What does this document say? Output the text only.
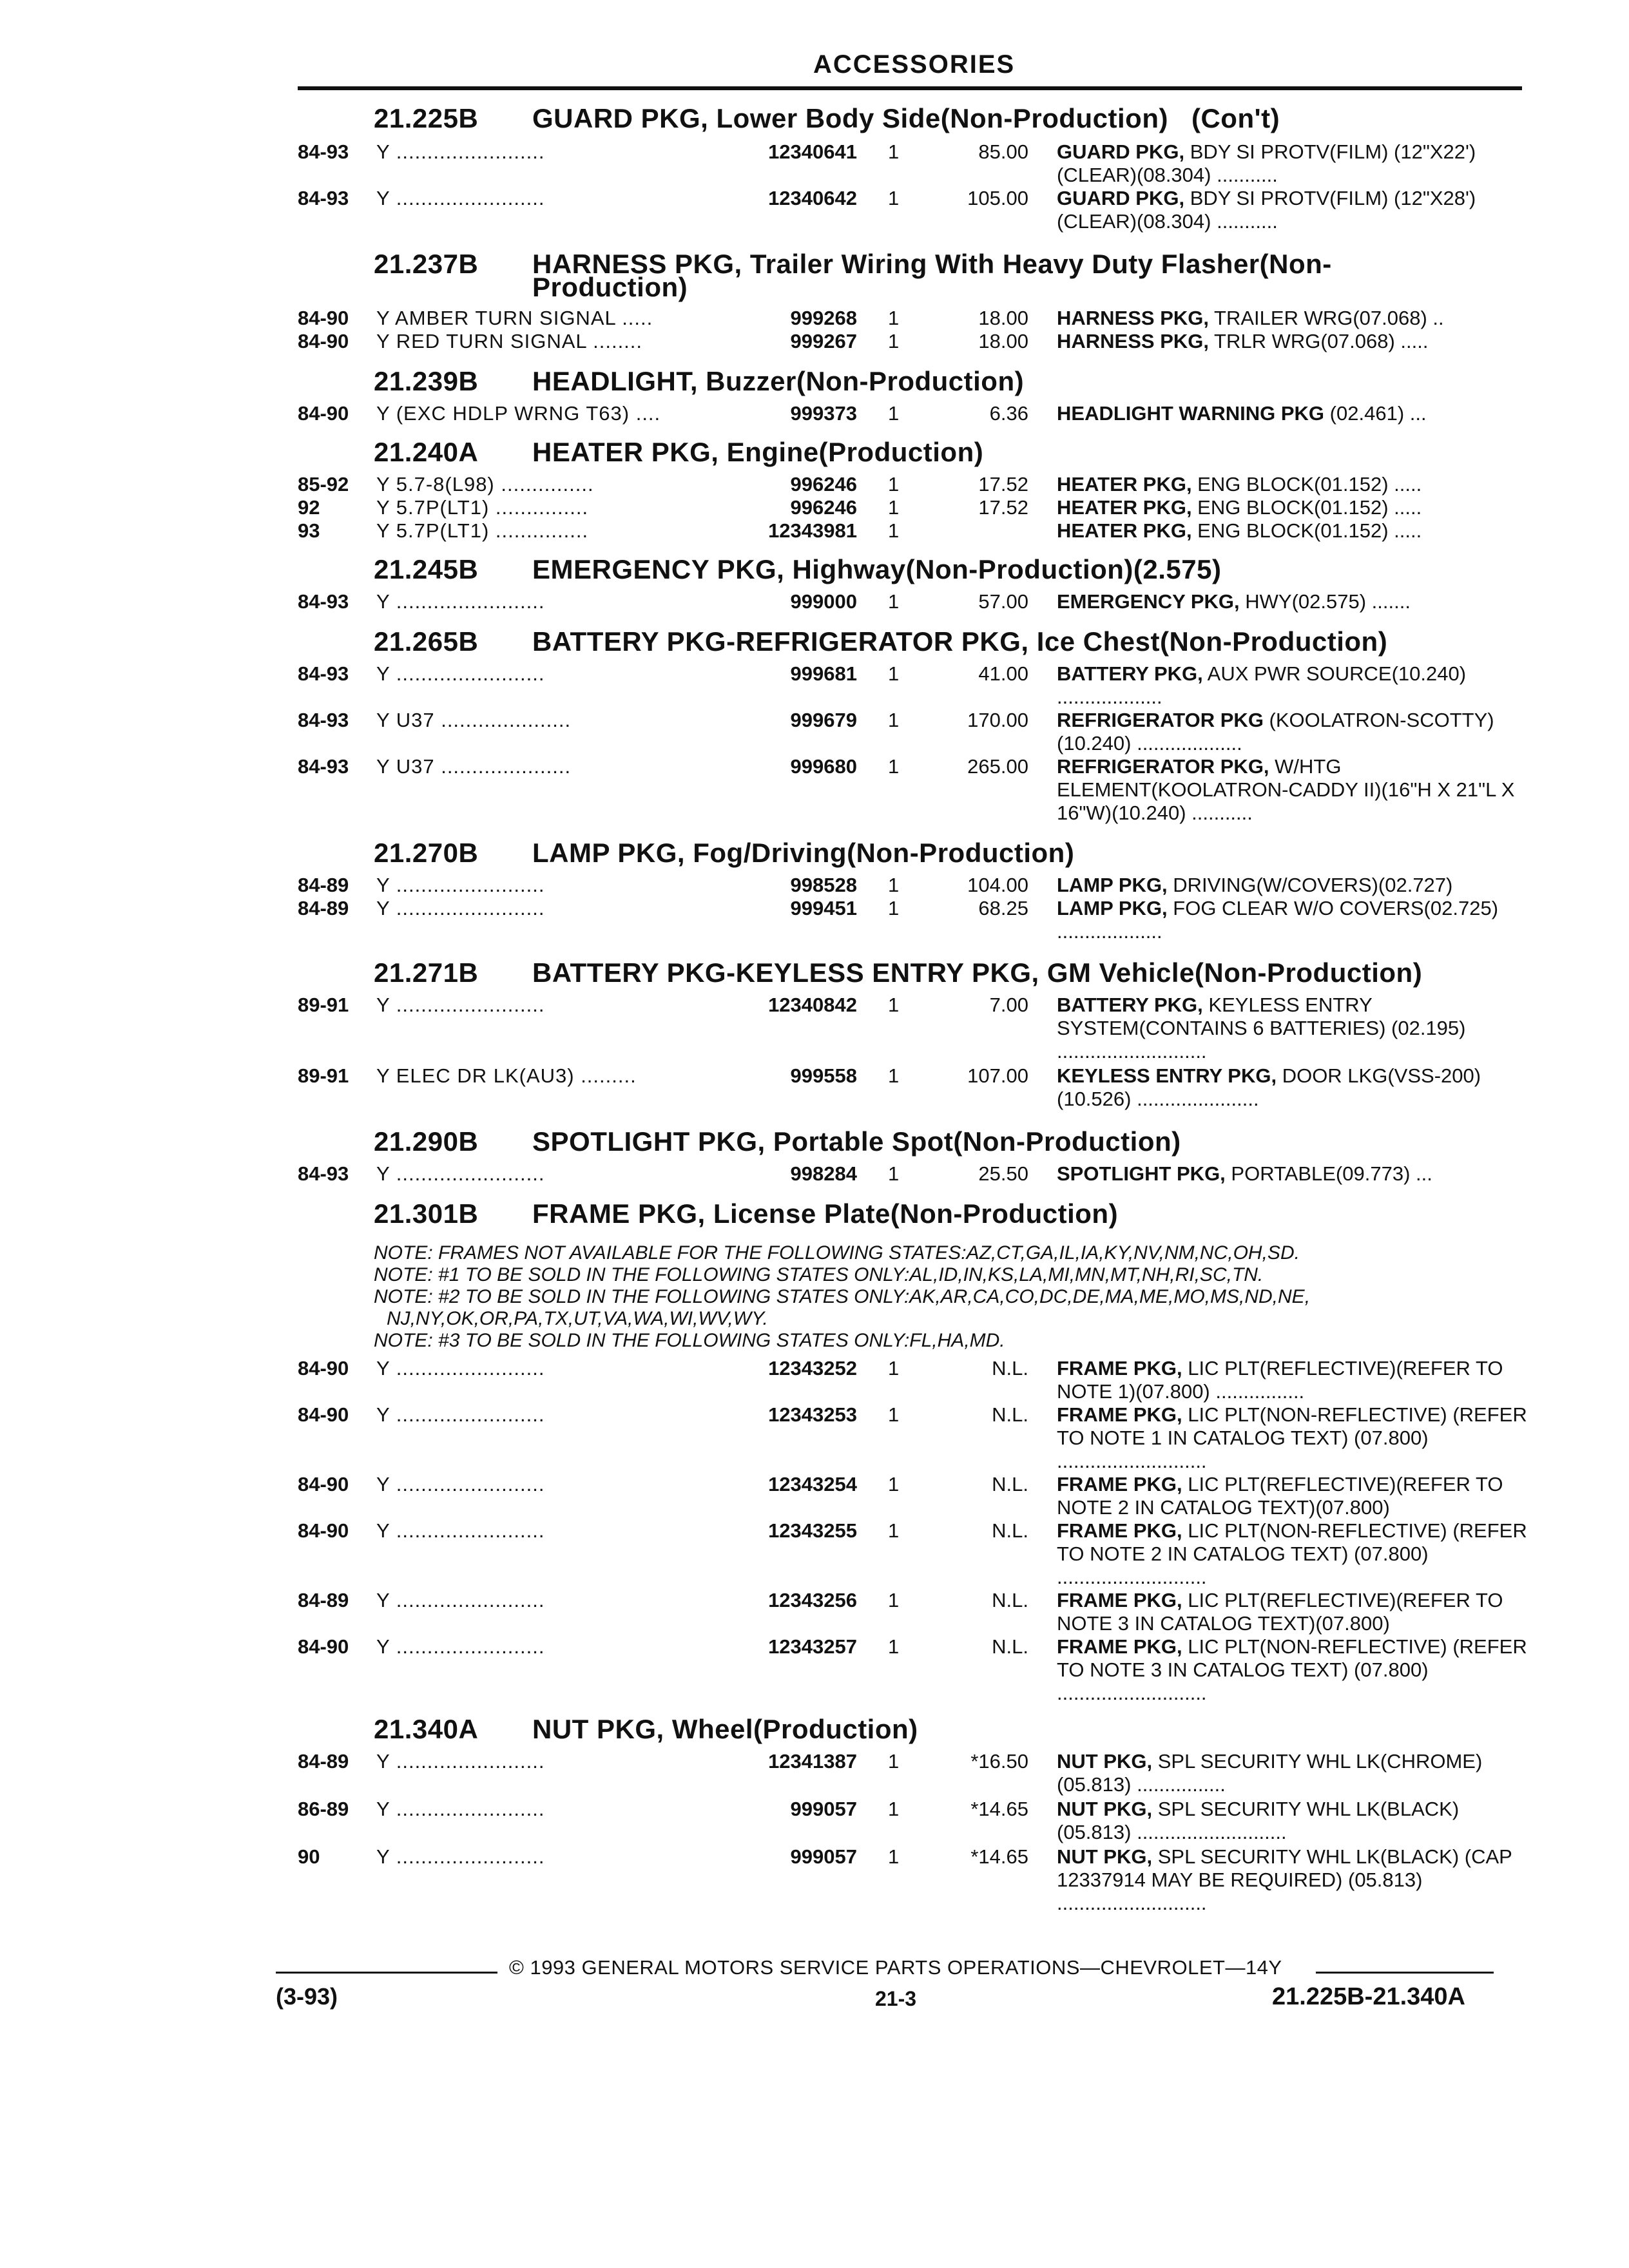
ACCESSORIES
21.225B GUARD PKG, Lower Body Side(Non-Production) (Con't)
84-93 Y ........................	12340641 1	85.00 GUARD PKG, BDY SI PROTV(FILM) (12"X22')(CLEAR)(08.304) ...........
84-93 Y ........................	12340642 1	105.00 GUARD PKG, BDY SI PROTV(FILM) (12"X28')(CLEAR)(08.304) ...........
21.237B HARNESS PKG, Trailer Wiring With Heavy Duty Flasher(Non-
Production)
84-90 Y AMBER TURN SIGNAL .....	999268 1	18.00 HARNESS PKG, TRAILER WRG(07.068) ..
84-90 Y RED TURN SIGNAL ........	999267 1	18.00 HARNESS PKG, TRLR WRG(07.068) .....
21.239B HEADLIGHT, Buzzer(Non-Production)
84-90 Y (EXC HDLP WRNG T63) ....	999373 1	6.36 HEADLIGHT WARNING PKG (02.461) ...
21.240A HEATER PKG, Engine(Production)
85-92 Y 5.7-8(L98) ...............	996246 1	17.52 HEATER PKG, ENG BLOCK(01.152) .....
92	Y 5.7P(LT1) ...............	996246 1	17.52 HEATER PKG, ENG BLOCK(01.152) .....
93	Y 5.7P(LT1) ...............	12343981 1	HEATER PKG, ENG BLOCK(01.152) .....
21.245B EMERGENCY PKG, Highway(Non-Production)(2.575)
84-93 Y ........................	999000 1	57.00 EMERGENCY PKG, HWY(02.575) .......
21.265B BATTERY PKG-REFRIGERATOR PKG, Ice Chest(Non-Production)
84-93 Y ........................	999681 1	41.00 BATTERY PKG, AUX PWR SOURCE(10.240) ...................
84-93 Y U37 .....................	999679 1	170.00 REFRIGERATOR PKG (KOOLATRON-SCOTTY)(10.240) ...................
84-93 Y U37 .....................	999680 1	265.00 REFRIGERATOR PKG, W/HTG ELEMENT(KOOLATRON-CADDY II)(16"H X 21"L X 16"W)(10.240) ...........
21.270B LAMP PKG, Fog/Driving(Non-Production)
84-89 Y ........................	998528 1	104.00 LAMP PKG, DRIVING(W/COVERS)(02.727)
84-89 Y ........................	999451 1	68.25 LAMP PKG, FOG CLEAR W/O COVERS(02.725) ...................
21.271B BATTERY PKG-KEYLESS ENTRY PKG, GM Vehicle(Non-Production)
89-91 Y ........................	12340842 1	7.00 BATTERY PKG, KEYLESS ENTRY SYSTEM(CONTAINS 6 BATTERIES) (02.195) ...........................
89-91 Y ELEC DR LK(AU3) .........	999558 1	107.00 KEYLESS ENTRY PKG, DOOR LKG(VSS-200)(10.526) ......................
21.290B SPOTLIGHT PKG, Portable Spot(Non-Production)
84-93 Y ........................	998284 1	25.50 SPOTLIGHT PKG, PORTABLE(09.773) ...
21.301B FRAME PKG, License Plate(Non-Production)
NOTE: FRAMES NOT AVAILABLE FOR THE FOLLOWING STATES:AZ,CT,GA,IL,IA,KY,NV,NM,NC,OH,SD.
NOTE: #1 TO BE SOLD IN THE FOLLOWING STATES ONLY:AL,ID,IN,KS,LA,MI,MN,MT,NH,RI,SC,TN.
NOTE: #2 TO BE SOLD IN THE FOLLOWING STATES ONLY:AK,AR,CA,CO,DC,DE,MA,ME,MO,MS,ND,NE,
NJ,NY,OK,OR,PA,TX,UT,VA,WA,WI,WV,WY.
NOTE: #3 TO BE SOLD IN THE FOLLOWING STATES ONLY:FL,HA,MD.
84-90 Y ........................	12343252 1	N.L. FRAME PKG, LIC PLT(REFLECTIVE)(REFER TO NOTE 1)(07.800) ................
84-90 Y ........................	12343253 1	N.L. FRAME PKG, LIC PLT(NON-REFLECTIVE) (REFER TO NOTE 1 IN CATALOG TEXT) (07.800) ...........................
84-90 Y ........................	12343254 1	N.L. FRAME PKG, LIC PLT(REFLECTIVE)(REFER TO NOTE 2 IN CATALOG TEXT)(07.800)
84-90 Y ........................	12343255 1	N.L. FRAME PKG, LIC PLT(NON-REFLECTIVE) (REFER TO NOTE 2 IN CATALOG TEXT) (07.800) ...........................
84-89 Y ........................	12343256 1	N.L. FRAME PKG, LIC PLT(REFLECTIVE)(REFER TO NOTE 3 IN CATALOG TEXT)(07.800)
84-90 Y ........................	12343257 1	N.L. FRAME PKG, LIC PLT(NON-REFLECTIVE) (REFER TO NOTE 3 IN CATALOG TEXT) (07.800) ...........................
21.340A NUT PKG, Wheel(Production)
84-89 Y ........................	12341387 1	*16.50 NUT PKG, SPL SECURITY WHL LK(CHROME)(05.813) ................
86-89 Y ........................	999057 1	*14.65 NUT PKG, SPL SECURITY WHL LK(BLACK) (05.813) ...........................
90	Y ........................	999057 1	*14.65 NUT PKG, SPL SECURITY WHL LK(BLACK) (CAP 12337914 MAY BE REQUIRED) (05.813) ...........................
© 1993 GENERAL MOTORS SERVICE PARTS OPERATIONS—CHEVROLET—14Y
(3-93)	21-3	21.225B-21.340A
